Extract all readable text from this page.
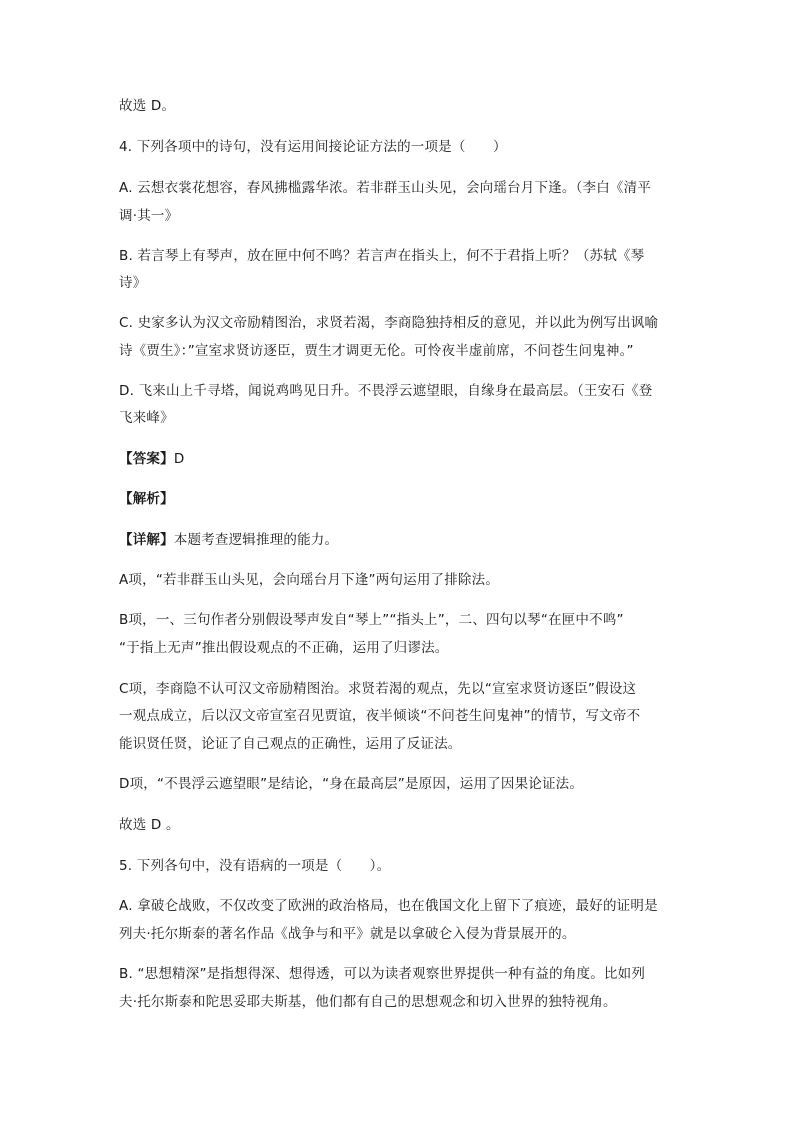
故选 D。
4. 下列各项中的诗句，没有运用间接论证方法的一项是（　　）
A. 云想衣裳花想容，春风拂槛露华浓。若非群玉山头见，会向瑶台月下逢。（李白《清平
调·其一》
B. 若言琴上有琴声，放在匣中何不鸣？若言声在指头上，何不于君指上听？（苏轼《琴
诗》
C. 史家多认为汉文帝励精图治，求贤若渴，李商隐独持相反的意见，并以此为例写出讽喻
诗《贾生》：”宣室求贤访逐臣，贾生才调更无伦。可怜夜半虚前席，不问苍生问鬼神。”
D. 飞来山上千寻塔，闻说鸡鸣见日升。不畏浮云遮望眼，自缘身在最高层。（王安石《登
飞来峰》
【答案】D
【解析】
【详解】本题考查逻辑推理的能力。
A项，“若非群玉山头见，会向瑶台月下逢”两句运用了排除法。
B项，一、三句作者分别假设琴声发自“琴上”“指头上”，二、四句以琴“在匣中不鸣”
“于指上无声”推出假设观点的不正确，运用了归谬法。
C项，李商隐不认可汉文帝励精图治。求贤若渴的观点，先以“宣室求贤访逐臣”假设这
一观点成立，后以汉文帝宣室召见贾谊，夜半倾谈“不问苍生问鬼神”的情节，写文帝不
能识贤任贤，论证了自己观点的正确性，运用了反证法。
D项，“不畏浮云遮望眼”是结论，“身在最高层”是原因，运用了因果论证法。
故选 D 。
5. 下列各句中，没有语病的一项是（　　）。
A. 拿破仑战败，不仅改变了欧洲的政治格局，也在俄国文化上留下了痕迹，最好的证明是
列夫·托尔斯泰的著名作品《战争与和平》就是以拿破仑入侵为背景展开的。
B. “思想精深”是指想得深、想得透，可以为读者观察世界提供一种有益的角度。比如列
夫·托尔斯泰和陀思妥耶夫斯基，他们都有自己的思想观念和切入世界的独特视角。
